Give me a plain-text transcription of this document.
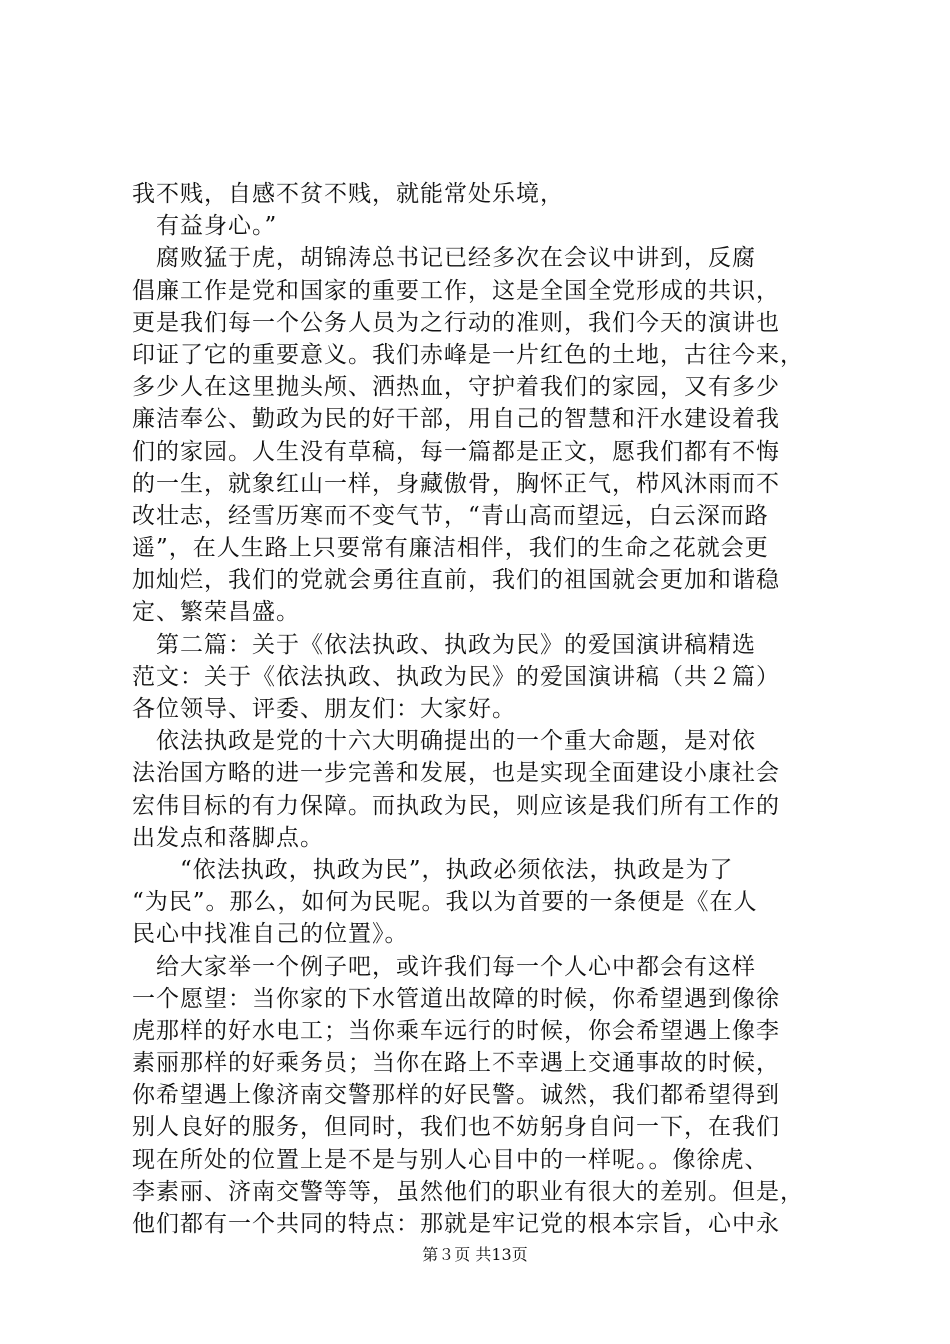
我不贱，自感不贫不贱，就能常处乐境，
　有益身心。”
　腐败猛于虎，胡锦涛总书记已经多次在会议中讲到，反腐
倡廉工作是党和国家的重要工作，这是全国全党形成的共识，
更是我们每一个公务人员为之行动的准则，我们今天的演讲也
印证了它的重要意义。我们赤峰是一片红色的土地，古往今来，
多少人在这里抛头颅、洒热血，守护着我们的家园，又有多少
廉洁奉公、勤政为民的好干部，用自己的智慧和汗水建设着我
们的家园。人生没有草稿，每一篇都是正文，愿我们都有不悔
的一生，就象红山一样，身藏傲骨，胸怀正气，栉风沐雨而不
改壮志，经雪历寒而不变气节，“青山高而望远，白云深而路
遥”，在人生路上只要常有廉洁相伴，我们的生命之花就会更
加灿烂，我们的党就会勇往直前，我们的祖国就会更加和谐稳
定、繁荣昌盛。
　第二篇：关于《依法执政、执政为民》的爱国演讲稿精选
范文：关于《依法执政、执政为民》的爱国演讲稿（共２篇）
各位领导、评委、朋友们：大家好。
　依法执政是党的十六大明确提出的一个重大命题，是对依
法治国方略的进一步完善和发展，也是实现全面建设小康社会
宏伟目标的有力保障。而执政为民，则应该是我们所有工作的
出发点和落脚点。
　　“依法执政，执政为民”，执政必须依法，执政是为了
“为民”。那么，如何为民呢。我以为首要的一条便是《在人
民心中找准自己的位置》。
　给大家举一个例子吧，或许我们每一个人心中都会有这样
一个愿望：当你家的下水管道出故障的时候，你希望遇到像徐
虎那样的好水电工；当你乘车远行的时候，你会希望遇上像李
素丽那样的好乘务员；当你在路上不幸遇上交通事故的时候，
你希望遇上像济南交警那样的好民警。诚然，我们都希望得到
别人良好的服务，但同时，我们也不妨躬身自问一下，在我们
现在所处的位置上是不是与别人心目中的一样呢。。像徐虎、
李素丽、济南交警等等，虽然他们的职业有很大的差别。但是，
他们都有一个共同的特点：那就是牢记党的根本宗旨，心中永
第３页 共13页
